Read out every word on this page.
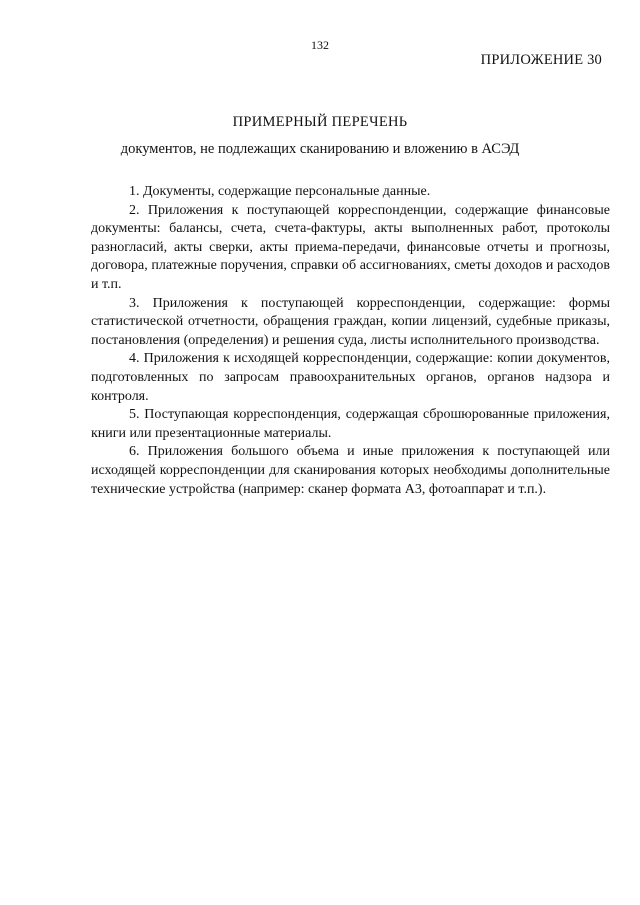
132
ПРИЛОЖЕНИЕ 30
ПРИМЕРНЫЙ ПЕРЕЧЕНЬ
документов, не подлежащих сканированию и вложению в АСЭД

1. Документы, содержащие персональные данные.

2. Приложения к поступающей корреспонденции, содержащие финансовые документы: балансы, счета, счета-фактуры, акты выполненных работ, протоколы разногласий, акты сверки, акты приема-передачи, финансовые отчеты и прогнозы, договора, платежные поручения, справки об ассигнованиях, сметы доходов и расходов и т.п.

3. Приложения к поступающей корреспонденции, содержащие: формы статистической отчетности, обращения граждан, копии лицензий, судебные приказы, постановления (определения) и решения суда, листы исполнительного производства.

4. Приложения к исходящей корреспонденции, содержащие: копии документов, подготовленных по запросам правоохранительных органов, органов надзора и контроля.

5. Поступающая корреспонденция, содержащая сброшюрованные приложения, книги или презентационные материалы.

6. Приложения большого объема и иные приложения к поступающей или исходящей корреспонденции для сканирования которых необходимы дополнительные технические устройства (например: сканер формата А3, фотоаппарат и т.п.).
